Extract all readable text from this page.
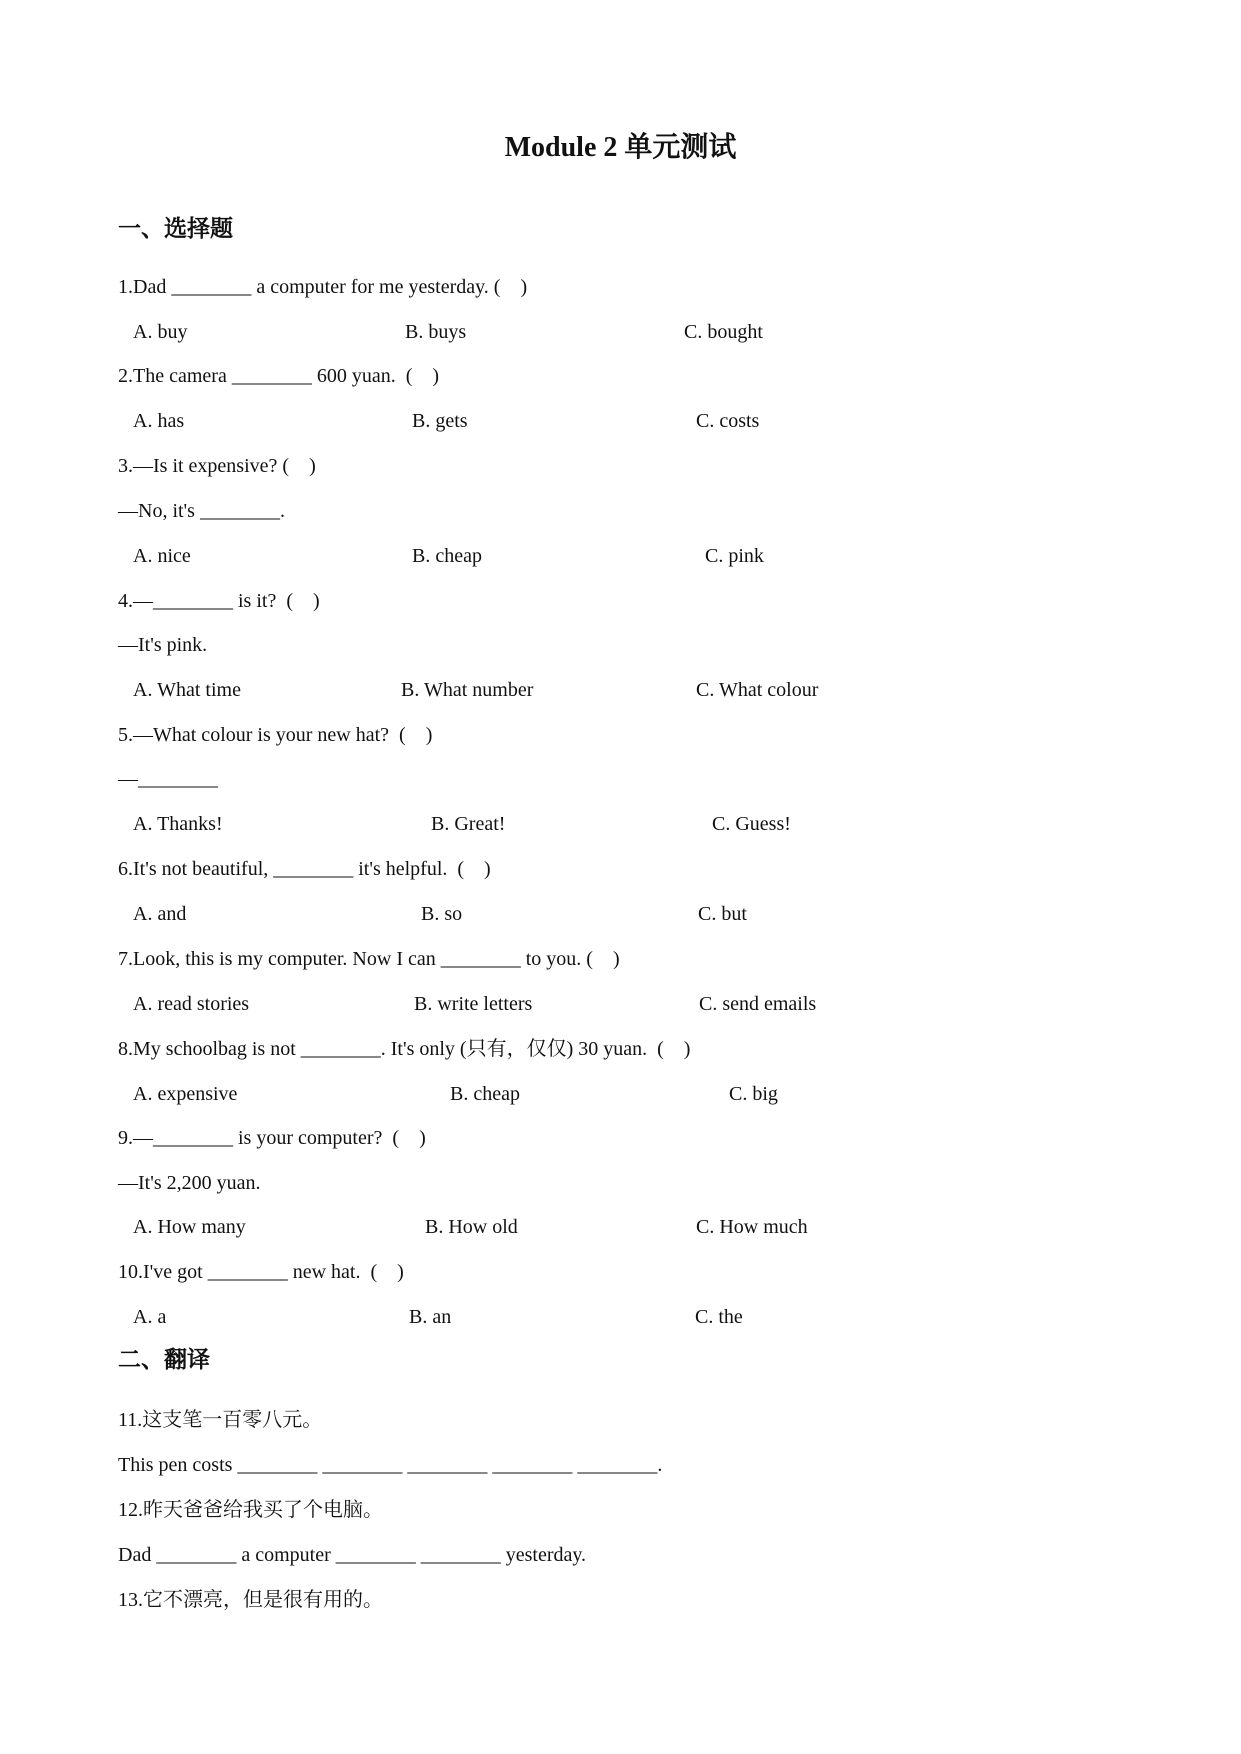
Module 2 单元测试
一、选择题
1.Dad ________ a computer for me yesterday. (    )
A. buy	B. buys	C. bought
2.The camera ________ 600 yuan.  (    )
A. has	B. gets	C. costs
3.—Is it expensive? (    )
—No, it's ________.
A. nice	B. cheap	C. pink
4.—________ is it?  (    )
—It's pink.
A. What time	B. What number	C. What colour
5.—What colour is your new hat?  (    )
—________
A. Thanks!	B. Great!	C. Guess!
6.It's not beautiful, ________ it's helpful.  (    )
A. and	B. so	C. but
7.Look, this is my computer. Now I can ________ to you. (    )
A. read stories	B. write letters	C. send emails
8.My schoolbag is not ________. It's only (只有，仅仅) 30 yuan.  (    )
A. expensive	B. cheap	C. big
9.—________ is your computer?  (    )
—It's 2,200 yuan.
A. How many	B. How old	C. How much
10.I've got ________ new hat.  (    )
A. a	B. an	C. the
二、翻译
11.这支笔一百零八元。
This pen costs ________ ________ ________ ________ ________.
12.昨天爸爸给我买了个电脑。
Dad ________ a computer ________ ________ yesterday.
13.它不漂亮，但是很有用的。
